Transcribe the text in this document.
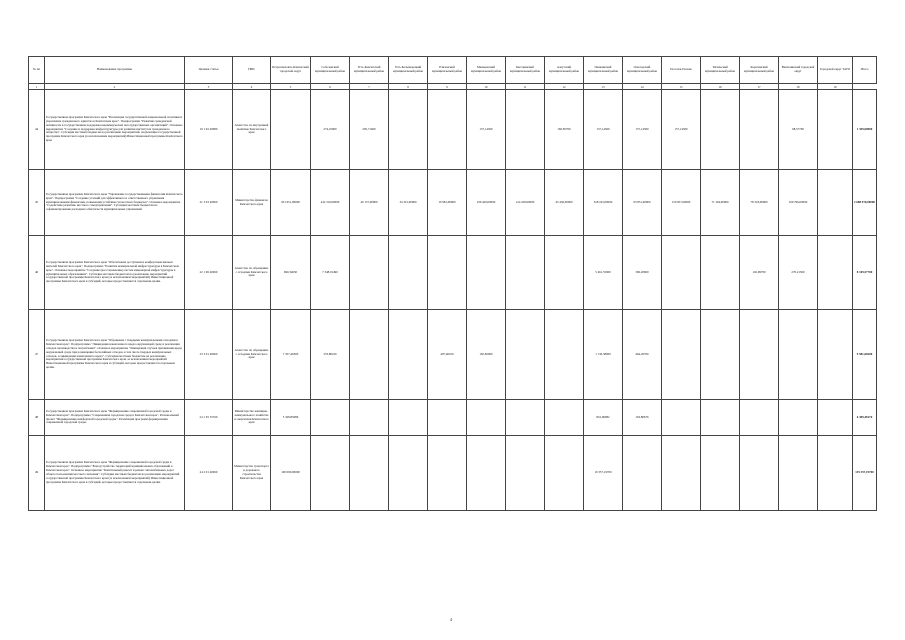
№ пп	Наименование программы	Целевая статья	ГРБС	Петропавловск-Камчатский городской округ	Соболевский муниципальный район	Усть-Камчатский муниципальный район	Усть-Большерецкий муниципальный район	Елизовский муниципальный район	Мильковский муниципальный район	Быстринский муниципальный район	Алеутский муниципальный район	Пенжинский муниципальный район	Олюторский муниципальный район	Поселок Палана	Тигильский муниципальный район	Карагинский муниципальный район	Вилючинский городской округ	Городской округ ЗАТО	Итого
1	2	3	4	5	6	7	8	9	10	11	12	13	14	15	16	17	18	19	
44	Государственная программа Камчатского края "Реализация государственной национальной политики и укрепление гражданского единства в Камчатском крае". Подпрограмма "Развитие гражданской активности и государственная поддержка некоммерческих негосударственных организаций". Основное мероприятие "Создание и поддержка инфраструктуры для развития институтов гражданского общества". Субсидия местным бюджетам на реализацию мероприятий, подлежащих государственной программе Камчатского края (за исключением мероприятий) Инвестиционной программы Камчатского края	19 1 02 40080	Агентство по внутренней политике Камчатского края		274,25000	205,71400			157,14300		182,85700	157,14300	157,14300	157,14300			68,57700		1 359,00000
45	Государственная программа Камчатского края "Управление государственными финансами Камчатского края". Подпрограмма "Создание условий для эффективного и ответственного управления муниципальными финансами, повышения устойчивости местных бюджетов". Основное мероприятие "Содействие развитию местного самоуправления". Субсидии местным бюджетам на софинансирование расходных обязательств муниципальных управлений.	21 3 03 40060	Министерство финансов Камчатского края	931 951,00000	442 316,00000	40 157,00000	34 341,00000	10 981,00000	199 429,00000	124 228,00000	45 436,00000	328 165,00000	63 851,00000	150 057,00000	71 304,00000	78 318,00000	169 796,00000		2 688 970,00000
46	Государственная программа Камчатского края "Обеспечение доступным и комфортным жильем жителей Камчатского края". Подпрограмма "Развитие коммунальной инфраструктуры в Камчатском крае". Основное мероприятие "Создание (восстановление) систем инженерной инфраструктуры в муниципальных образованиях". Субсидии местным бюджетам на реализацию мероприятий государственной программы Камчатского края (за исключением мероприятий) Инвестиционной программы Камчатского края и субсидий, которые предоставляются отдельным целям.	22 1 06 40060	Агентство по обращению с отходами Камчатского края	690,34650	7 348,91490							5 461,55900	306,20600			102,99700	270,21500		8 109,57700
47	Государственная программа Камчатского края "Обращение с твердыми коммунальными отходами в Камчатском крае". Подпрограмма "Ликвидация накопленного вреда окружающей среде и реализация отходов производства и потребления". Основное мероприятие "Ликвидация случаев причинения вреда окружающей среде при размещении бесхозяйных отходов, в том числе твердых коммунальных отходов, и ликвидация накопленного вреда". Субсидии местным бюджетам на реализацию мероприятий государственной программы Камчатского края, за исключением мероприятий Инвестиционной программы Камчатского края и субсидий, которые предоставляются отдельным целям.	23 3 01 40060	Агентство по обращению с отходами Камчатского края	7 357,40300	353,80100			497,46100	165,82000			1 743,58600	464,29700						9 581,68200
48	Государственная программа Камчатского края "Формирование современной городской среды в Камчатском крае". Подпрограмма "Современная городская среда в Камчатском крае". Региональный проект "Формирование комфортной городской среды". Реализация программ формирования современной городской среды.	24 1 F2 55550	Министерство жилищно-коммунального хозяйства и энергетики Камчатского края	5 328,85686								816,96082	163,80676						6 309,48176
49	Государственная программа Камчатского края "Формирование современной городской среды в Камчатском крае". Подпрограмма "Благоустройство территорий муниципальных образований в Камчатском крае". Основное мероприятие "Капитальный ремонт и ремонт автомобильных дорог общего пользования местного значения". Субсидии местным бюджетам на реализацию мероприятий государственной программы Камчатского края (за исключением мероприятий) Инвестиционной программы Камчатского края и субсидий, которые предоставляются отдельным целям.	24 2 01 40060	Министерство транспорта и дорожного строительства Камчатского края	100 000,00000								19 357,19700							119 357,19700
4
